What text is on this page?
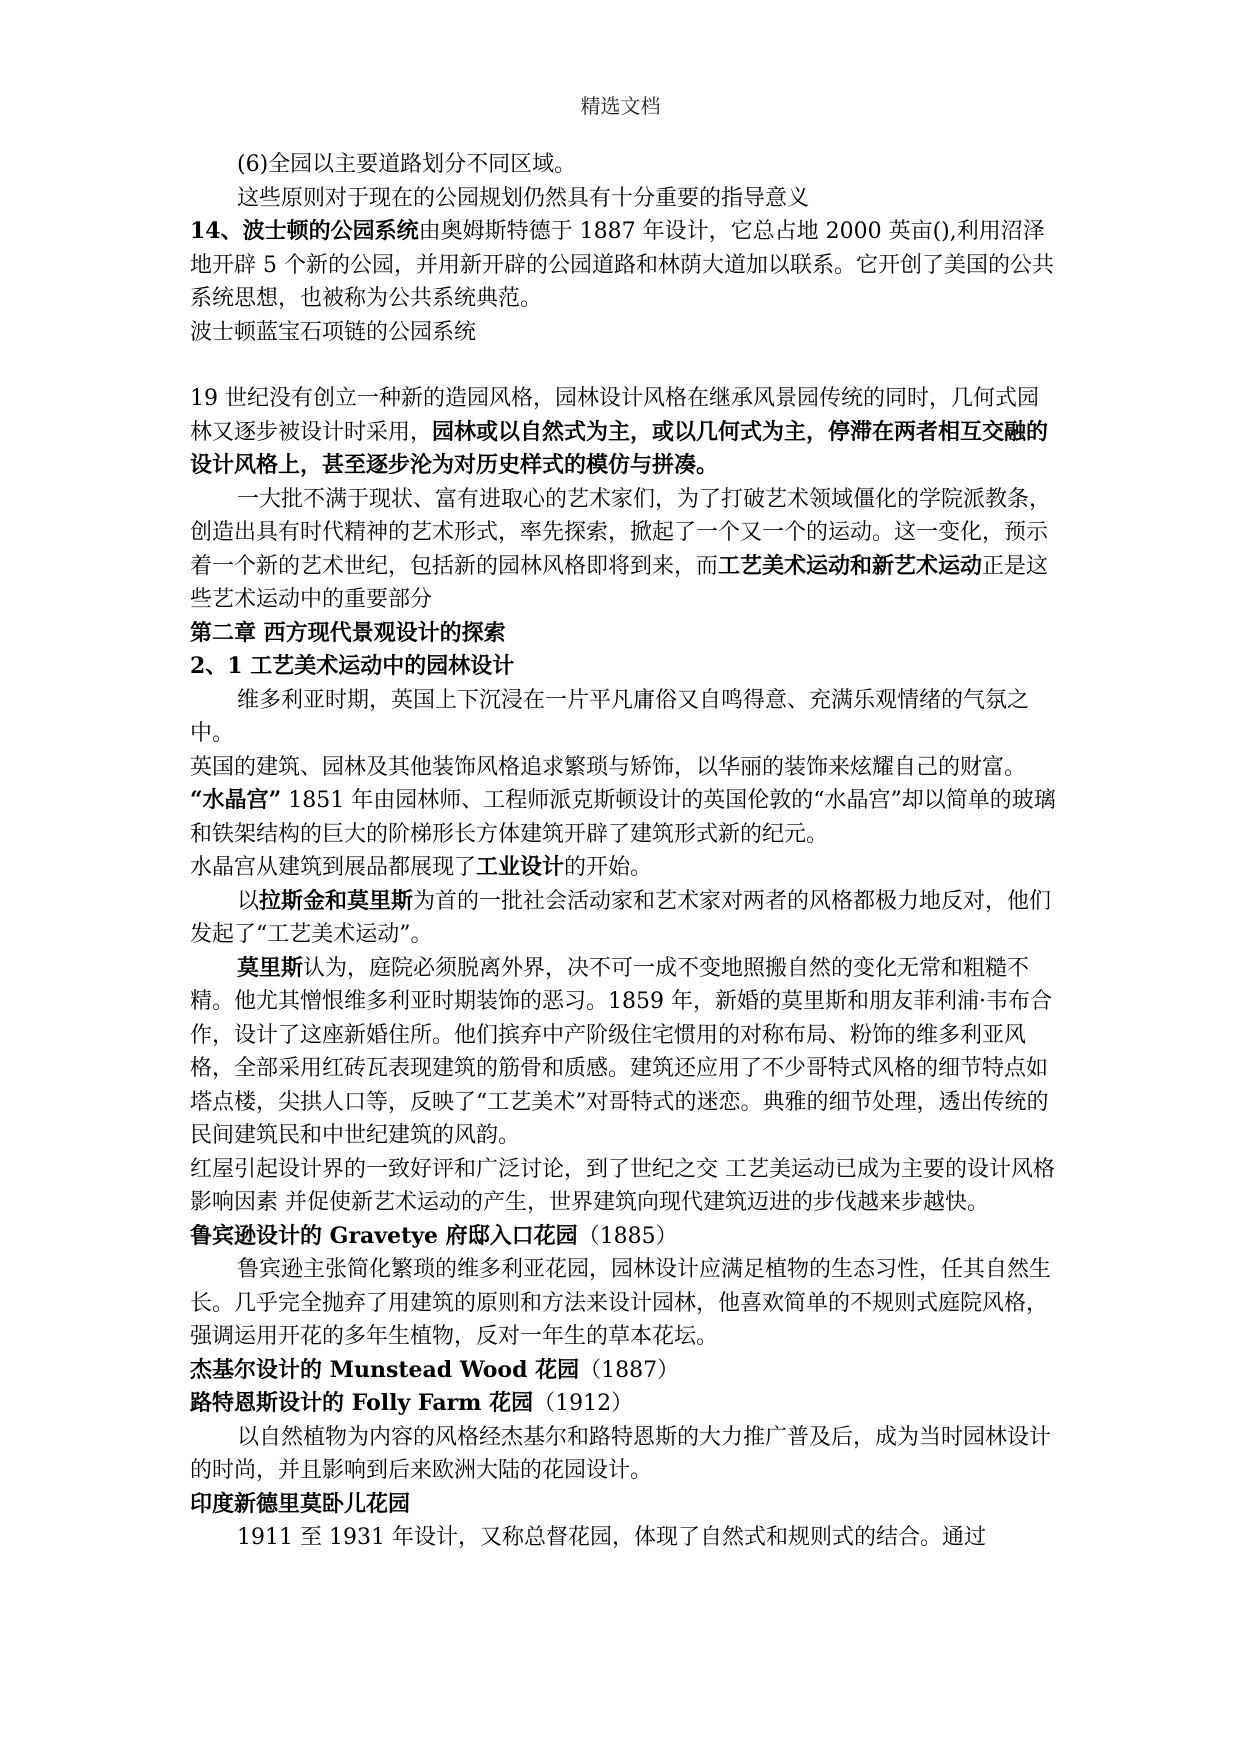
精选文档

(6)全园以主要道路划分不同区域。

这些原则对于现在的公园规划仍然具有十分重要的指导意义

14、波士顿的公园系统由奥姆斯特德于 1887 年设计，它总占地 2000 英亩(),利用沼泽地开辟 5 个新的公园，并用新开辟的公园道路和林荫大道加以联系。它开创了美国的公共系统思想，也被称为公共系统典范。

波士顿蓝宝石项链的公园系统

19 世纪没有创立一种新的造园风格，园林设计风格在继承风景园传统的同时，几何式园林又逐步被设计时采用，园林或以自然式为主，或以几何式为主，停滞在两者相互交融的设计风格上，甚至逐步沦为对历史样式的模仿与拼凑。

一大批不满于现状、富有进取心的艺术家们，为了打破艺术领域僵化的学院派教条，创造出具有时代精神的艺术形式，率先探索，掀起了一个又一个的运动。这一变化，预示着一个新的艺术世纪，包括新的园林风格即将到来，而工艺美术运动和新艺术运动正是这些艺术运动中的重要部分

第二章 西方现代景观设计的探索

2、1 工艺美术运动中的园林设计

维多利亚时期，英国上下沉浸在一片平凡庸俗又自鸣得意、充满乐观情绪的气氛之中。

英国的建筑、园林及其他装饰风格追求繁琐与矫饰，以华丽的装饰来炫耀自己的财富。

“水晶宫” 1851 年由园林师、工程师派克斯顿设计的英国伦敦的“水晶宫”却以简单的玻璃和铁架结构的巨大的阶梯形长方体建筑开辟了建筑形式新的纪元。

水晶宫从建筑到展品都展现了工业设计的开始。

以拉斯金和莫里斯为首的一批社会活动家和艺术家对两者的风格都极力地反对，他们发起了“工艺美术运动”。

莫里斯认为，庭院必须脱离外界，决不可一成不变地照搬自然的变化无常和粗糙不精。他尤其憎恨维多利亚时期装饰的恶习。1859 年，新婚的莫里斯和朋友菲利浦·韦布合作，设计了这座新婚住所。他们摈弃中产阶级住宅惯用的对称布局、粉饰的维多利亚风格，全部采用红砖瓦表现建筑的筋骨和质感。建筑还应用了不少哥特式风格的细节特点如塔点楼，尖拱人口等，反映了“工艺美术”对哥特式的迷恋。典雅的细节处理，透出传统的民间建筑民和中世纪建筑的风韵。

红屋引起设计界的一致好评和广泛讨论，到了世纪之交 工艺美运动已成为主要的设计风格影响因素 并促使新艺术运动的产生，世界建筑向现代建筑迈进的步伐越来步越快。

鲁宾逊设计的 Gravetye 府邸入口花园（1885）

鲁宾逊主张简化繁琐的维多利亚花园，园林设计应满足植物的生态习性，任其自然生长。几乎完全抛弃了用建筑的原则和方法来设计园林，他喜欢简单的不规则式庭院风格，强调运用开花的多年生植物，反对一年生的草本花坛。

杰基尔设计的 Munstead Wood 花园（1887）

路特恩斯设计的 Folly Farm 花园（1912）

以自然植物为内容的风格经杰基尔和路特恩斯的大力推广普及后，成为当时园林设计的时尚，并且影响到后来欧洲大陆的花园设计。

印度新德里莫卧儿花园

1911 至 1931 年设计，又称总督花园，体现了自然式和规则式的结合。通过
